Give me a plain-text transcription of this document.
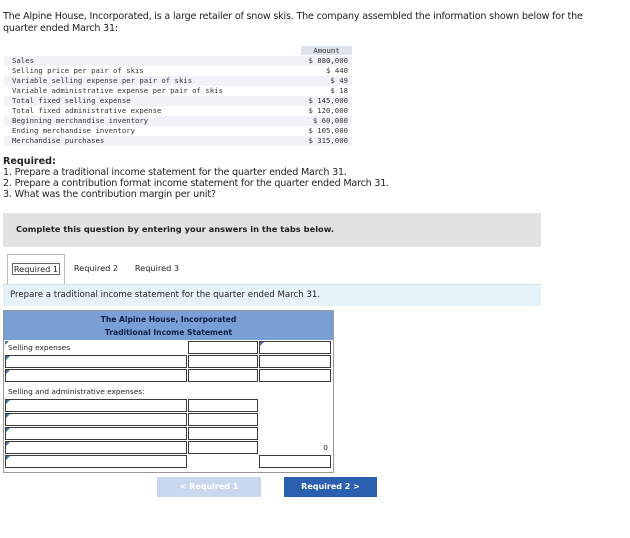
The Alpine House, Incorporated, is a large retailer of snow skis. The company assembled the information shown below for the quarter ended March 31:
Amount
Sales	$ 880,000
Selling price per pair of skis	$ 440
Variable selling expense per pair of skis	$ 49
Variable administrative expense per pair of skis	$ 18
Total fixed selling expense	$ 145,000
Total fixed administrative expense	$ 120,000
Beginning merchandise inventory	$ 60,000
Ending merchandise inventory	$ 105,000
Merchandise purchases	$ 315,000
Required:
1. Prepare a traditional income statement for the quarter ended March 31.
2. Prepare a contribution format income statement for the quarter ended March 31.
3. What was the contribution margin per unit?
Complete this question by entering your answers in the tabs below.
Required 1	Required 2	Required 3
Prepare a traditional income statement for the quarter ended March 31.
The Alpine House, Incorporated
Traditional Income Statement
Selling expenses
Selling and administrative expenses:
0
< Required 1	Required 2 >
